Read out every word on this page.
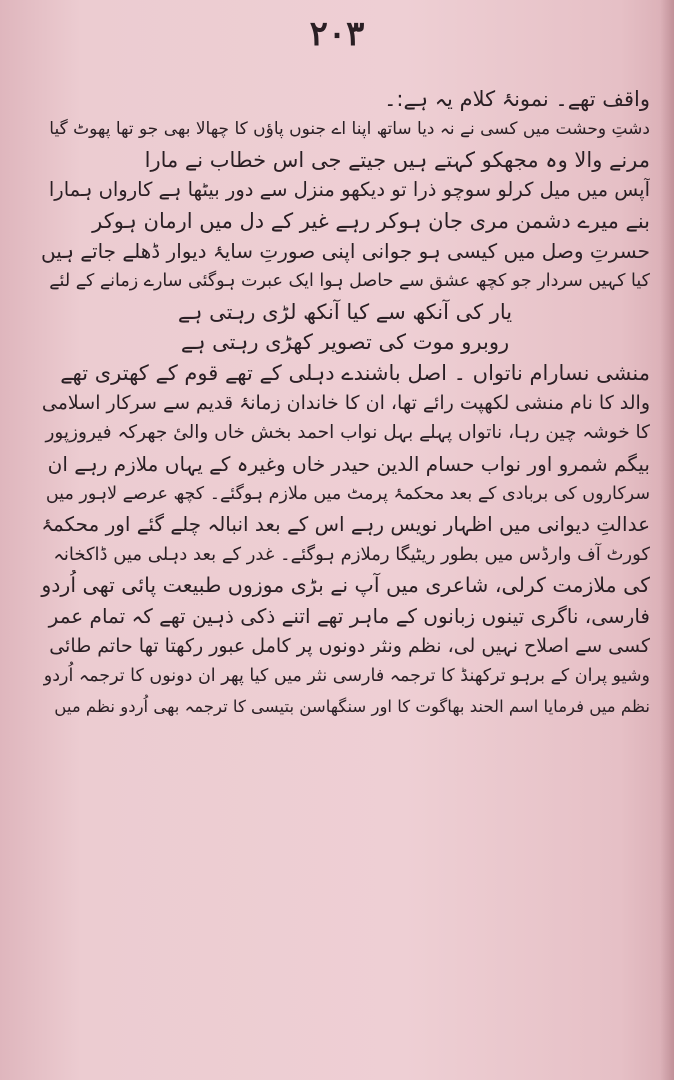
۲۰۳
واقف تھے۔ نمونۂ کلام یہ ہے:۔
دشتِ وحشت میں کسی نے نہ دیا ساتھ اپنا اے جنوں پاؤں کا چھالا بھی جو تھا پھوٹ گیا
مرنے والا وہ مجھکو کہتے ہیں جیتے جی اس خطاب نے مارا
آپس میں میل کرلو سوچو ذرا تو دیکھو منزل سے دور بیٹھا ہے کارواں ہمارا
بنے میرے دشمن مری جان ہوکر رہے غیر کے دل میں ارمان ہوکر
حسرتِ وصل میں کیسی ہو جوانی اپنی صورتِ سایۂ دیوار ڈھلے جاتے ہیں
کیا کہیں سردار جو کچھ عشق سے حاصل ہوا ایک عبرت ہوگئی سارے زمانے کے لئے
یار کی آنکھ سے کیا آنکھ لڑی رہتی ہے
روبرو موت کی تصویر کھڑی رہتی ہے
منشی نسارام ناتواں ۔ اصل باشندے دہلی کے تھے قوم کے کھتری تھے
والد کا نام منشی لکھپت رائے تھا، ان کا خاندان زمانۂ قدیم سے سرکار اسلامی
کا خوشہ چین رہا، ناتواں پہلے بہل نواب احمد بخش خاں والیٔ جھرکہ فیروزپور
بیگم شمرو اور نواب حسام الدین حیدر خاں وغیرہ کے یہاں ملازم رہے ان
سرکاروں کی بربادی کے بعد محکمۂ پرمٹ میں ملازم ہوگئے۔ کچھ عرصے لاہور میں
عدالتِ دیوانی میں اظہار نویس رہے اس کے بعد انبالہ چلے گئے اور محکمۂ
کورٹ آف وارڈس میں بطور ریٹیگا رملازم ہوگئے۔ غدر کے بعد دہلی میں ڈاکخانہ
کی ملازمت کرلی، شاعری میں آپ نے بڑی موزوں طبیعت پائی تھی اُردو
فارسی، ناگری تینوں زبانوں کے ماہر تھے اتنے ذکی ذہین تھے کہ تمام عمر
کسی سے اصلاح نہیں لی، نظم ونثر دونوں پر کامل عبور رکھتا تھا حاتم طائی
وشیو پران کے برہو ترکھنڈ کا ترجمہ فارسی نثر میں کیا پھر ان دونوں کا ترجمہ اُردو
نظم میں فرمایا اسم الحند بھاگوت کا اور سنگھاسن بتیسی کا ترجمہ بھی اُردو نظم میں
